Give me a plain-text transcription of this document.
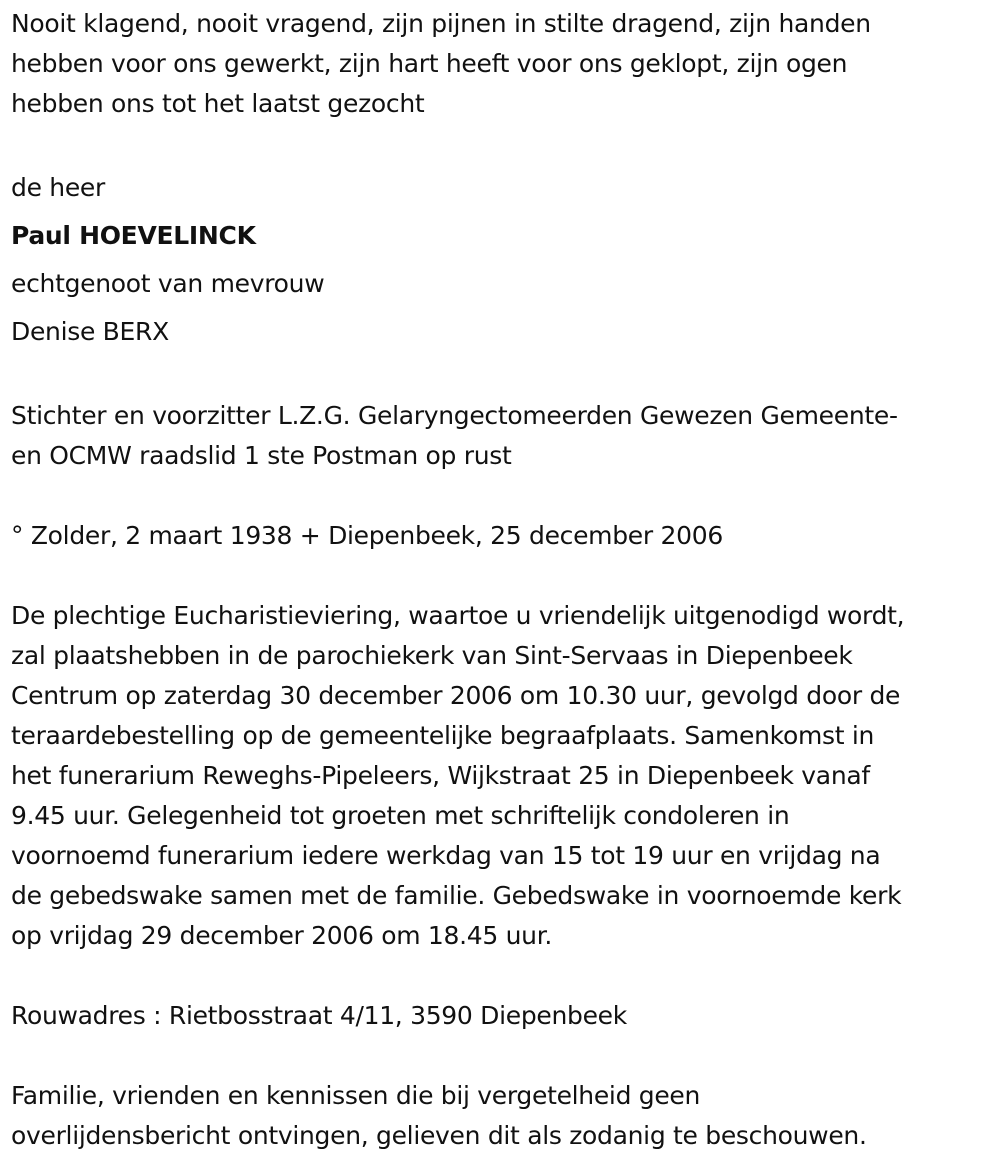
Nooit klagend, nooit vragend, zijn pijnen in stilte dragend, zijn handen

hebben voor ons gewerkt, zijn hart heeft voor ons geklopt, zijn ogen

hebben ons tot het laatst gezocht

de heer

Paul HOEVELINCK

echtgenoot van mevrouw

Denise BERX

Stichter en voorzitter L.Z.G. Gelaryngectomeerden Gewezen Gemeente-

en OCMW raadslid 1 ste Postman op rust

° Zolder, 2 maart 1938 + Diepenbeek, 25 december 2006

De plechtige Eucharistieviering, waartoe u vriendelijk uitgenodigd wordt,

zal plaatshebben in de parochiekerk van Sint-Servaas in Diepenbeek

Centrum op zaterdag 30 december 2006 om 10.30 uur, gevolgd door de

teraardebestelling op de gemeentelijke begraafplaats. Samenkomst in

het funerarium Reweghs-Pipeleers, Wijkstraat 25 in Diepenbeek vanaf

9.45 uur. Gelegenheid tot groeten met schriftelijk condoleren in

voornoemd funerarium iedere werkdag van 15 tot 19 uur en vrijdag na

de gebedswake samen met de familie. Gebedswake in voornoemde kerk

op vrijdag 29 december 2006 om 18.45 uur.

Rouwadres : Rietbosstraat 4/11, 3590 Diepenbeek

Familie, vrienden en kennissen die bij vergetelheid geen

overlijdensbericht ontvingen, gelieven dit als zodanig te beschouwen.
